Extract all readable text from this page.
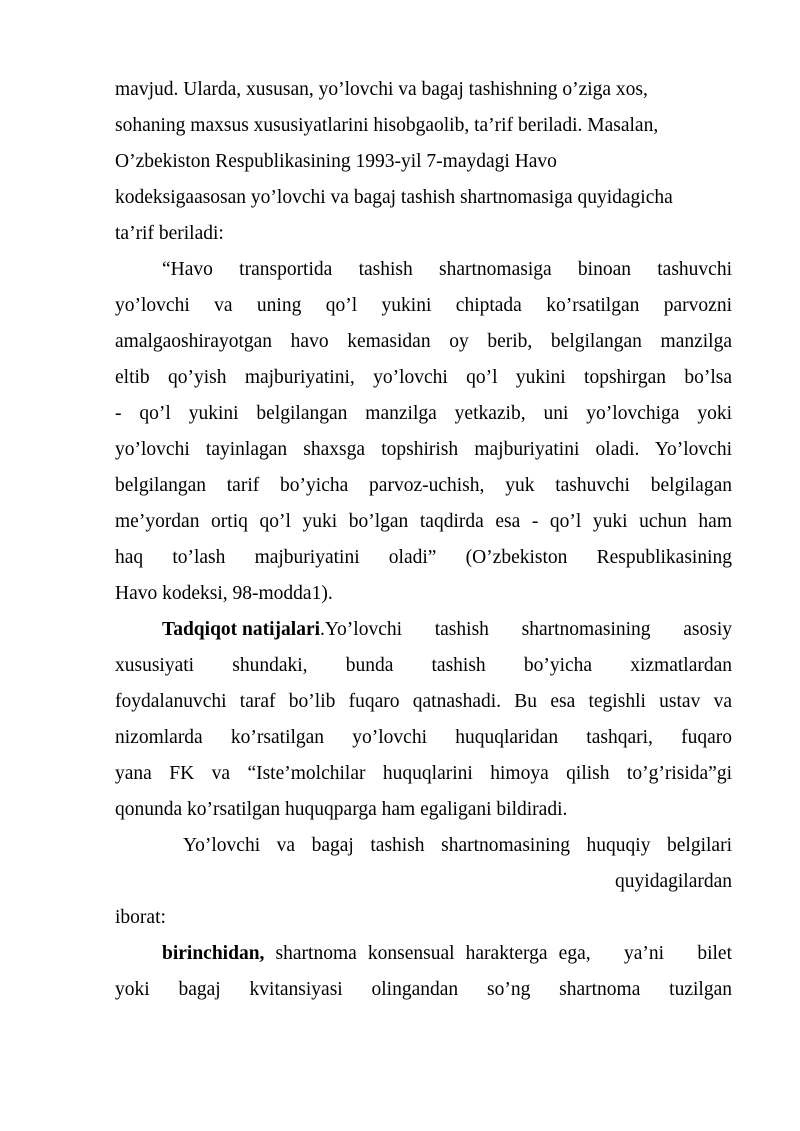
mavjud. Ularda, xususan, yo’lovchi va bagaj tashishning o’ziga xos,
sohaning maxsus xususiyatlarini hisobgaolib, ta’rif beriladi. Masalan,
O’zbekiston Respublikasining 1993-yil 7-maydagi Havo
kodeksigaasosan yo’lovchi va bagaj tashish shartnomasiga quyidagicha
ta’rif beriladi:
“Havo transportida tashish shartnomasiga binoan tashuvchi
yo’lovchi va uning qo’l yukini chiptada ko’rsatilgan parvozni
amalgaoshirayotgan havo kemasidan oy berib, belgilangan manzilga
eltib qo’yish majburiyatini, yo’lovchi qo’l yukini topshirgan bo’lsa
- qo’l yukini belgilangan manzilga yetkazib, uni yo’lovchiga yoki
yo’lovchi tayinlagan shaxsga topshirish majburiyatini oladi. Yo’lovchi
belgilangan tarif bo’yicha parvoz-uchish, yuk tashuvchi belgilagan
me’yordan ortiq qo’l yuki bo’lgan taqdirda esa - qo’l yuki uchun ham
haq to’lash majburiyatini oladi” (O’zbekiston Respublikasining
Havo kodeksi, 98-modda1).
Tadqiqot natijalari .Yo’lovchi tashish shartnomasining asosiy
xususiyati shundaki, bunda tashish bo’yicha xizmatlardan
foydalanuvchi taraf bo’lib fuqaro qatnashadi. Bu esa tegishli ustav va
nizomlarda ko’rsatilgan yo’lovchi huquqlaridan tashqari, fuqaro
yana FK va “Iste’molchilar huquqlarini himoya qilish to’g’risida”gi
qonunda ko’rsatilgan huquqparga ham egaligani bildiradi.
Yo’lovchi va bagaj tashish shartnomasining huquqiy belgilari
quyidagilardan
iborat:
birinchidan, shartnoma konsensual harakterga ega,   ya’ni   bilet
yoki bagaj kvitansiyasi olingandan so’ng shartnoma tuzilgan
